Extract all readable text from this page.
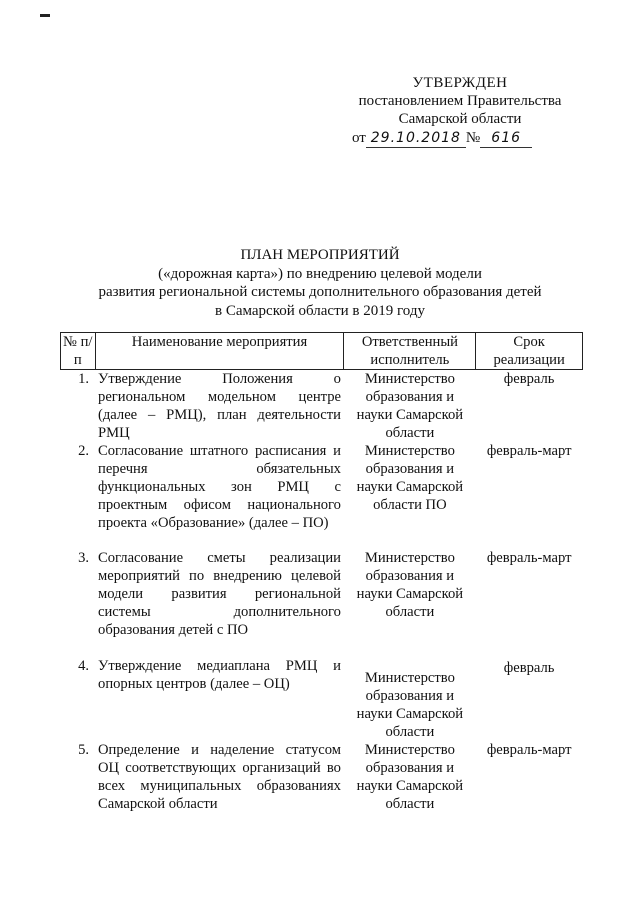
УТВЕРЖДЕН
постановлением Правительства
Самарской области
от 29.10.2018 № 616
ПЛАН МЕРОПРИЯТИЙ
(«дорожная карта») по внедрению целевой модели
развития региональной системы дополнительного образования детей
в Самарской области в 2019 году
№ п/п	Наименование мероприятия	Ответственный исполнитель	Срок реализации
1.	Утверждение Положения о региональном модельном центре (далее – РМЦ), план деятельности РМЦ	Министерство образования и науки Самарской области	февраль
2.	Согласование штатного расписания и перечня обязательных функциональных зон РМЦ с проектным офисом национального проекта «Образование» (далее – ПО)	Министерство образования и науки Самарской области ПО	февраль-март
3.	Согласование сметы реализации мероприятий по внедрению целевой модели развития региональной системы дополнительного образования детей с ПО	Министерство образования и науки Самарской области	февраль-март
4.	Утверждение медиаплана РМЦ и опорных центров (далее – ОЦ)	Министерство образования и науки Самарской области	февраль

5.	Определение и наделение статусом ОЦ соответствующих организаций во всех муниципальных образованиях Самарской области	Министерство образования и науки Самарской области	февраль-март
